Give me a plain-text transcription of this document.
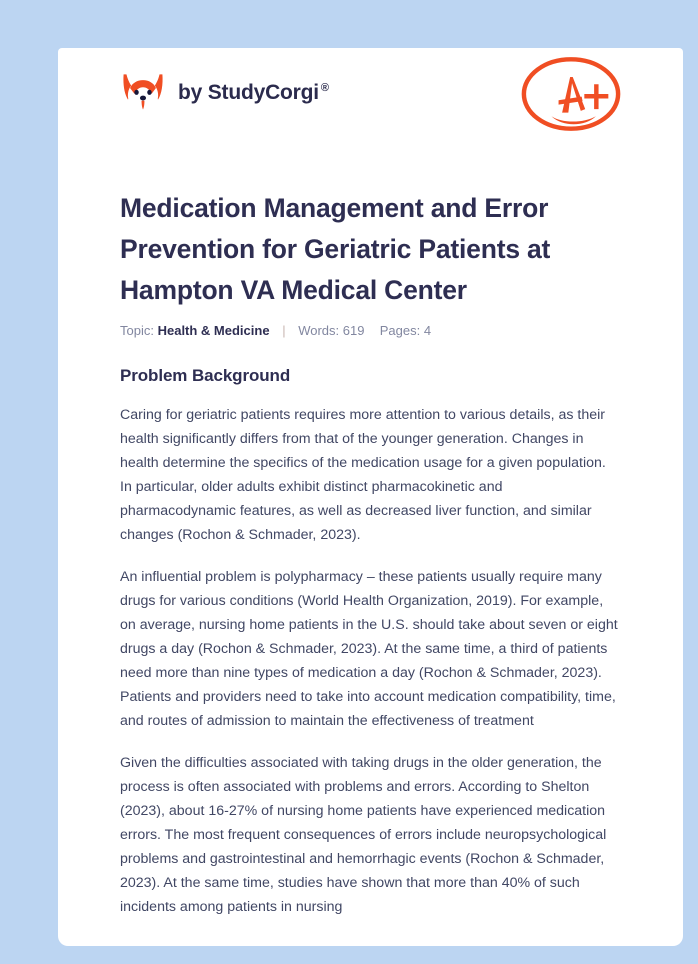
by StudyCorgi ®
Medication Management and Error Prevention for Geriatric Patients at Hampton VA Medical Center
Topic: Health & Medicine | Words: 619 Pages: 4
Problem Background

Caring for geriatric patients requires more attention to various details, as their health significantly differs from that of the younger generation. Changes in health determine the specifics of the medication usage for a given population. In particular, older adults exhibit distinct pharmacokinetic and pharmacodynamic features, as well as decreased liver function, and similar changes (Rochon & Schmader, 2023).

An influential problem is polypharmacy – these patients usually require many drugs for various conditions (World Health Organization, 2019). For example, on average, nursing home patients in the U.S. should take about seven or eight drugs a day (Rochon & Schmader, 2023). At the same time, a third of patients need more than nine types of medication a day (Rochon & Schmader, 2023). Patients and providers need to take into account medication compatibility, time, and routes of admission to maintain the effectiveness of treatment

Given the difficulties associated with taking drugs in the older generation, the process is often associated with problems and errors. According to Shelton (2023), about 16-27% of nursing home patients have experienced medication errors. The most frequent consequences of errors include neuropsychological problems and gastrointestinal and hemorrhagic events (Rochon & Schmader, 2023). At the same time, studies have shown that more than 40% of such incidents among patients in nursing
